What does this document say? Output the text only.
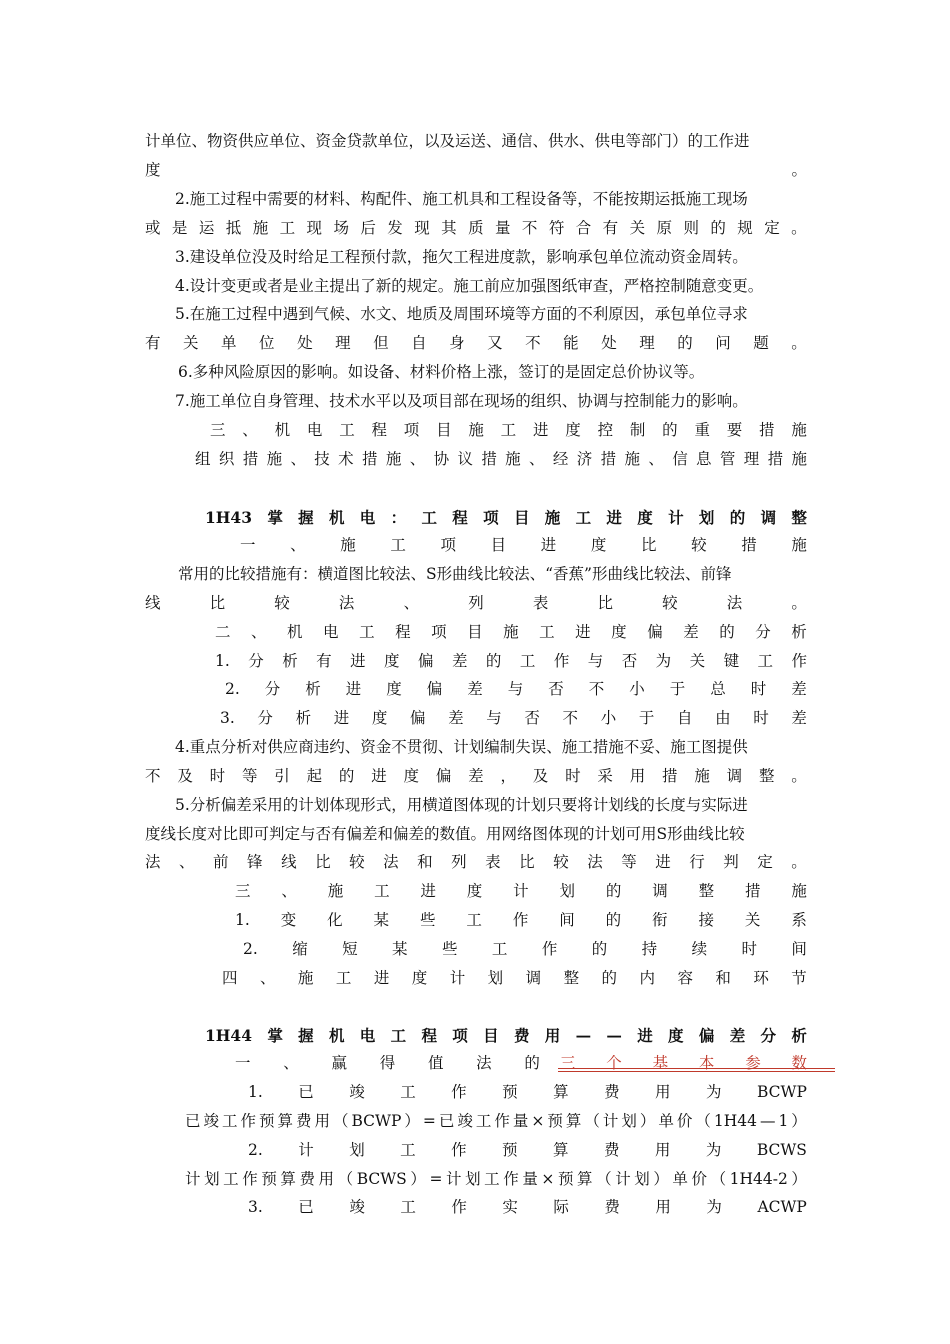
计单位、物资供应单位、资金贷款单位，以及运送、通信、供水、供电等部门）的工作进
度	。
2.施工过程中需要的材料、构配件、施工机具和工程设备等，不能按期运抵施工现场
或 是 运 抵 施 工 现 场 后 发 现 其 质 量 不 符 合 有 关 原 则 的 规 定 。
3.建设单位没及时给足工程预付款，拖欠工程进度款，影响承包单位流动资金周转。
4.设计变更或者是业主提出了新的规定。施工前应加强图纸审查，严格控制随意变更。
5.在施工过程中遇到气候、水文、地质及周围环境等方面的不利原因，承包单位寻求
有 关 单 位 处 理 但 自 身 又 不 能 处 理 的 问 题 。
6.多种风险原因的影响。如设备、材料价格上涨，签订的是固定总价协议等。
7.施工单位自身管理、技术水平以及项目部在现场的组织、协调与控制能力的影响。
三 、 机 电 工 程 项 目 施 工 进 度 控 制 的 重 要 措 施
组 织 措 施 、 技 术 措 施 、 协 议 措 施 、 经 济 措 施 、 信 息 管 理 措 施
1H43 掌 握 机 电 ： 工 程 项 目 施 工 进 度 计 划 的 调 整
一 、 施 工 项 目 进 度 比 较 措 施
常用的比较措施有：横道图比较法、S形曲线比较法、“香蕉”形曲线比较法、前锋
线	比	较	法	、	列	表	比	较	法	。
二 、 机 电 工 程 项 目 施 工 进 度 偏 差 的 分 析
1. 分 析 有 进 度 偏 差 的 工 作 与 否 为 关 键 工 作
2. 分 析 进 度 偏 差 与 否 不 小 于 总 时 差
3. 分 析 进 度 偏 差 与 否 不 小 于 自 由 时 差
4.重点分析对供应商违约、资金不贯彻、计划编制失误、施工措施不妥、施工图提供
不 及 时 等 引 起 的 进 度 偏 差 ， 及 时 采 用 措 施 调 整 。
5.分析偏差采用的计划体现形式，用横道图体现的计划只要将计划线的长度与实际进
度线长度对比即可判定与否有偏差和偏差的数值。用网络图体现的计划可用S形曲线比较
法 、 前 锋 线 比 较 法 和 列 表 比 较 法 等 进 行 判 定 。
三 、 施 工 进 度 计 划 的 调 整 措 施
1. 变 化 某 些 工 作 间 的 衔 接 关 系
2. 缩 短 某 些 工 作 的 持 续 时 间
四 、 施 工 进 度 计 划 调 整 的 内 容 和 环 节
1H44 掌 握 机 电 工 程 项 目 费 用 — — 进 度 偏 差 分 析
一 、 赢 得 值 法 的 三 个 基 本 参 数
1. 已 竣 工 作 预 算 费 用 为 BCWP
已 竣 工 作 预 算 费 用 （ BCWP ） = 已 竣 工 作 量 × 预 算 （ 计 划 ） 单 价 （ 1H44 — 1 ）
2. 计 划 工 作 预 算 费 用 为 BCWS
计 划 工 作 预 算 费 用 （ BCWS ） = 计 划 工 作 量 × 预 算 （ 计 划 ） 单 价 （ 1H44-2 ）
3. 已 竣 工 作 实 际 费 用 为 ACWP
